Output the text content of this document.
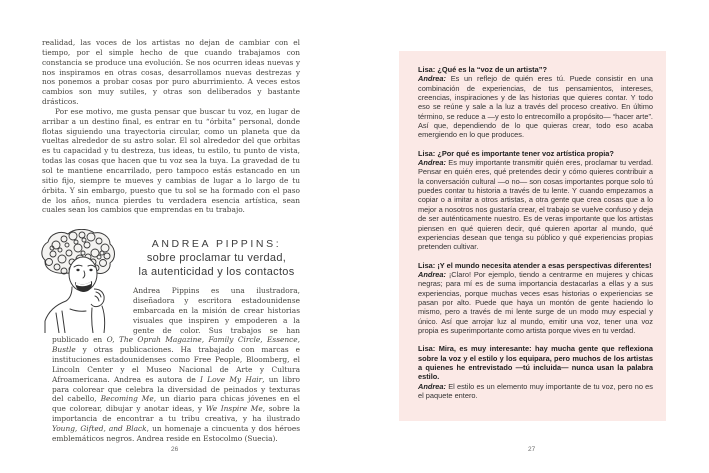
realidad, las voces de los artistas no dejan de cambiar con el tiempo, por el simple hecho de que cuando trabajamos con constancia se produce una evolución. Se nos ocurren ideas nuevas y nos inspiramos en otras cosas, desarrollamos nuevas destrezas y nos ponemos a probar cosas por puro aburrimiento. A veces estos cambios son muy sutiles, y otras son deliberados y bastante drásticos.

Por ese motivo, me gusta pensar que buscar tu voz, en lugar de arribar a un destino final, es entrar en tu “órbita” personal, donde flotas siguiendo una trayectoria circular, como un planeta que da vueltas alrededor de su astro solar. El sol alrededor del que orbitas es tu capacidad y tu destreza, tus ideas, tu estilo, tu punto de vista, todas las cosas que hacen que tu voz sea la tuya. La gravedad de tu sol te mantiene encarrilado, pero tampoco estás estancado en un sitio fijo, siempre te mueves y cambias de lugar a lo largo de tu órbita. Y sin embargo, puesto que tu sol se ha formado con el paso de los años, nunca pierdes tu verdadera esencia artística, sean cuales sean los cambios que emprendas en tu trabajo.

ANDREA PIPPINS:
sobre proclamar tu verdad,
la autenticidad y los contactos

Andrea Pippins es una ilustradora, diseñadora y escritora estadounidense embarcada en la misión de crear historias visuales que inspiren y empoderen a la gente de color. Sus trabajos se han publicado en O, The Oprah Magazine, Family Circle, Essence, Bustle y otras publicaciones. Ha trabajado con marcas e instituciones estadounidenses como Free People, Bloomberg, el Lincoln Center y el Museo Nacional de Arte y Cultura Afroamericana. Andrea es autora de I Love My Hair, un libro para colorear que celebra la diversidad de peinados y texturas del cabello, Becoming Me, un diario para chicas jóvenes en el que colorear, dibujar y anotar ideas, y We Inspire Me, sobre la importancia de encontrar a tu tribu creativa, y ha ilustrado Young, Gifted, and Black, un homenaje a cincuenta y dos héroes emblemáticos negros. Andrea reside en Estocolmo (Suecia).

Lisa: ¿Qué es la “voz de un artista”?

Andrea: Es un reflejo de quién eres tú. Puede consistir en una combinación de experiencias, de tus pensamientos, intereses, creencias, inspiraciones y de las historias que quieres contar. Y todo eso se reúne y sale a la luz a través del proceso creativo. En último término, se reduce a —y esto lo entrecomillo a propósito— “hacer arte”. Así que, dependiendo de lo que quieras crear, todo eso acaba emergiendo en lo que produces.

Lisa: ¿Por qué es importante tener voz artística propia?

Andrea: Es muy importante transmitir quién eres, proclamar tu verdad. Pensar en quién eres, qué pretendes decir y cómo quieres contribuir a la conversación cultural —o no— son cosas importantes porque solo tú puedes contar tu historia a través de tu lente. Y cuando empezamos a copiar o a imitar a otros artistas, a otra gente que crea cosas que a lo mejor a nosotros nos gustaría crear, el trabajo se vuelve confuso y deja de ser auténticamente nuestro. Es de veras importante que los artistas piensen en qué quieren decir, qué quieren aportar al mundo, qué experiencias desean que tenga su público y qué experiencias propias pretenden cultivar.

Lisa: ¡Y el mundo necesita atender a esas perspectivas diferentes!

Andrea: ¡Claro! Por ejemplo, tiendo a centrarme en mujeres y chicas negras; para mí es de suma importancia destacarlas a ellas y a sus experiencias, porque muchas veces esas historias o experiencias se pasan por alto. Puede que haya un montón de gente haciendo lo mismo, pero a través de mi lente surge de un modo muy especial y único. Así que arrojar luz al mundo, emitir una voz, tener una voz propia es superimportante como artista porque vives en tu verdad.

Lisa: Mira, es muy interesante: hay mucha gente que reflexiona sobre la voz y el estilo y los equipara, pero muchos de los artistas a quienes he entrevistado —tú incluida— nunca usan la palabra estilo.

Andrea: El estilo es un elemento muy importante de tu voz, pero no es el paquete entero.

26	27
